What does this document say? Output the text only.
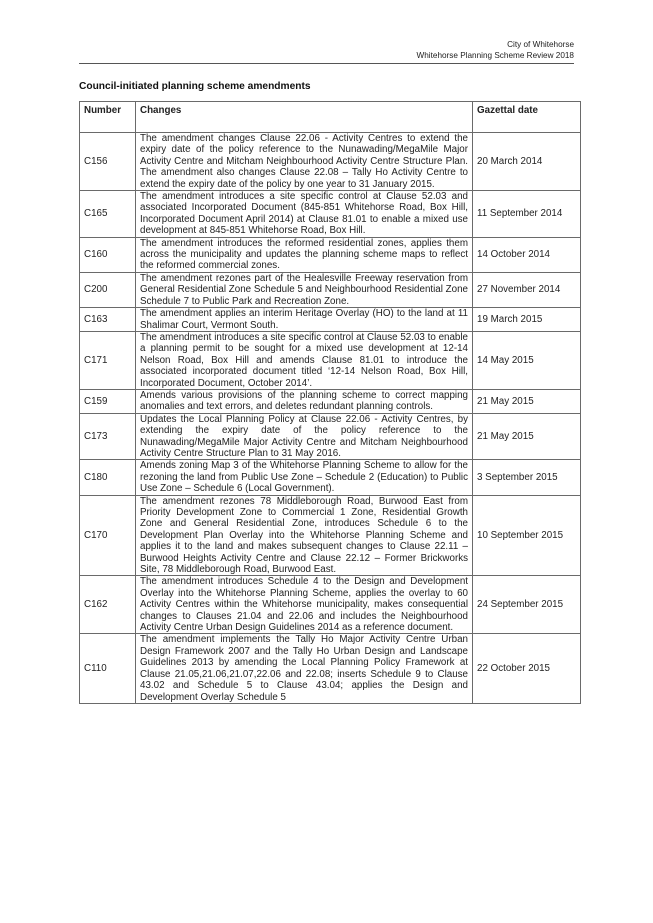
City of Whitehorse
Whitehorse Planning Scheme Review 2018
Council-initiated planning scheme amendments
Number	Changes	Gazettal date
C156	The amendment changes Clause 22.06 - Activity Centres to extend the expiry date of the policy reference to the Nunawading/MegaMile Major Activity Centre and Mitcham Neighbourhood Activity Centre Structure Plan. The amendment also changes Clause 22.08 – Tally Ho Activity Centre to extend the expiry date of the policy by one year to 31 January 2015.	20 March 2014
C165	The amendment introduces a site specific control at Clause 52.03 and associated Incorporated Document (845-851 Whitehorse Road, Box Hill, Incorporated Document April 2014) at Clause 81.01 to enable a mixed use development at 845-851 Whitehorse Road, Box Hill.	11 September 2014
C160	The amendment introduces the reformed residential zones, applies them across the municipality and updates the planning scheme maps to reflect the reformed commercial zones.	14 October 2014
C200	The amendment rezones part of the Healesville Freeway reservation from General Residential Zone Schedule 5 and Neighbourhood Residential Zone Schedule 7 to Public Park and Recreation Zone.	27 November 2014
C163	The amendment applies an interim Heritage Overlay (HO) to the land at 11 Shalimar Court, Vermont South.	19 March 2015
C171	The amendment introduces a site specific control at Clause 52.03 to enable a planning permit to be sought for a mixed use development at 12-14 Nelson Road, Box Hill and amends Clause 81.01 to introduce the associated incorporated document titled ‘12-14 Nelson Road, Box Hill, Incorporated Document, October 2014’.	14 May 2015
C159	Amends various provisions of the planning scheme to correct mapping anomalies and text errors, and deletes redundant planning controls.	21 May 2015
C173	Updates the Local Planning Policy at Clause 22.06 - Activity Centres, by extending the expiry date of the policy reference to the Nunawading/MegaMile Major Activity Centre and Mitcham Neighbourhood Activity Centre Structure Plan to 31 May 2016.	21 May 2015
C180	Amends zoning Map 3 of the Whitehorse Planning Scheme to allow for the rezoning the land from Public Use Zone – Schedule 2 (Education) to Public Use Zone – Schedule 6 (Local Government).	3 September 2015
C170	The amendment rezones 78 Middleborough Road, Burwood East from Priority Development Zone to Commercial 1 Zone, Residential Growth Zone and General Residential Zone, introduces Schedule 6 to the Development Plan Overlay into the Whitehorse Planning Scheme and applies it to the land and makes subsequent changes to Clause 22.11 – Burwood Heights Activity Centre and Clause 22.12 – Former Brickworks Site, 78 Middleborough Road, Burwood East.	10 September 2015
C162	The amendment introduces Schedule 4 to the Design and Development Overlay into the Whitehorse Planning Scheme, applies the overlay to 60 Activity Centres within the Whitehorse municipality, makes consequential changes to Clauses 21.04 and 22.06 and includes the Neighbourhood Activity Centre Urban Design Guidelines 2014 as a reference document.	24 September 2015
C110	The amendment implements the Tally Ho Major Activity Centre Urban Design Framework 2007 and the Tally Ho Urban Design and Landscape Guidelines 2013 by amending the Local Planning Policy Framework at Clause 21.05,21.06,21.07,22.06 and 22.08; inserts Schedule 9 to Clause 43.02 and Schedule 5 to Clause 43.04; applies the Design and Development Overlay Schedule 5	22 October 2015
